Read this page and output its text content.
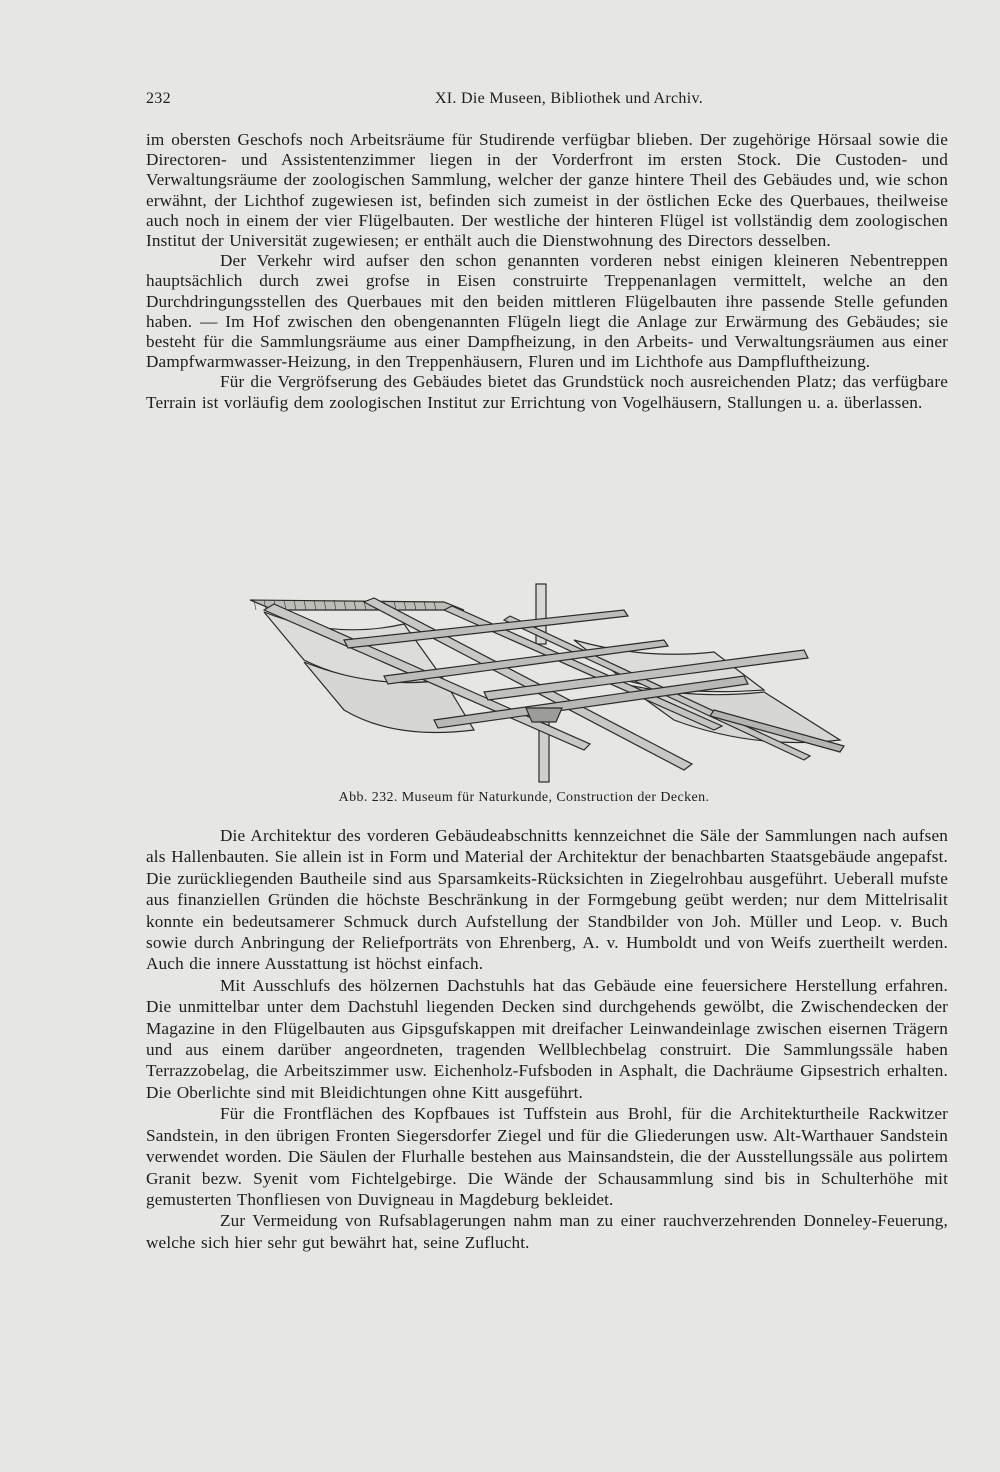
232	XI. Die Museen, Bibliothek und Archiv.

im obersten Geschofs noch Arbeitsräume für Studirende verfügbar blieben. Der zugehörige Hörsaal sowie die Directoren- und Assistentenzimmer liegen in der Vorderfront im ersten Stock. Die Custoden- und Verwaltungsräume der zoologischen Sammlung, welcher der ganze hintere Theil des Gebäudes und, wie schon erwähnt, der Lichthof zugewiesen ist, befinden sich zumeist in der östlichen Ecke des Querbaues, theilweise auch noch in einem der vier Flügelbauten. Der westliche der hinteren Flügel ist vollständig dem zoologischen Institut der Universität zugewiesen; er enthält auch die Dienstwohnung des Directors desselben.

Der Verkehr wird aufser den schon genannten vorderen nebst einigen kleineren Nebentreppen hauptsächlich durch zwei grofse in Eisen construirte Treppenanlagen vermittelt, welche an den Durchdringungsstellen des Querbaues mit den beiden mittleren Flügelbauten ihre passende Stelle gefunden haben. — Im Hof zwischen den obengenannten Flügeln liegt die Anlage zur Erwärmung des Gebäudes; sie besteht für die Sammlungsräume aus einer Dampfheizung, in den Arbeits- und Verwaltungsräumen aus einer Dampfwarmwasser-Heizung, in den Treppenhäusern, Fluren und im Lichthofe aus Dampfluftheizung.

Für die Vergröfserung des Gebäudes bietet das Grundstück noch ausreichenden Platz; das verfügbare Terrain ist vorläufig dem zoologischen Institut zur Errichtung von Vogelhäusern, Stallungen u. a. überlassen.

Abb. 232. Museum für Naturkunde, Construction der Decken.

Die Architektur des vorderen Gebäudeabschnitts kennzeichnet die Säle der Sammlungen nach aufsen als Hallenbauten. Sie allein ist in Form und Material der Architektur der benachbarten Staatsgebäude angepafst. Die zurückliegenden Bautheile sind aus Sparsamkeits-Rücksichten in Ziegelrohbau ausgeführt. Ueberall mufste aus finanziellen Gründen die höchste Beschränkung in der Formgebung geübt werden; nur dem Mittelrisalit konnte ein bedeutsamerer Schmuck durch Aufstellung der Standbilder von Joh. Müller und Leop. v. Buch sowie durch Anbringung der Reliefporträts von Ehrenberg, A. v. Humboldt und von Weifs zuertheilt werden. Auch die innere Ausstattung ist höchst einfach.

Mit Ausschlufs des hölzernen Dachstuhls hat das Gebäude eine feuersichere Herstellung erfahren. Die unmittelbar unter dem Dachstuhl liegenden Decken sind durchgehends gewölbt, die Zwischendecken der Magazine in den Flügelbauten aus Gipsgufskappen mit dreifacher Leinwandeinlage zwischen eisernen Trägern und aus einem darüber angeordneten, tragenden Wellblechbelag construirt. Die Sammlungssäle haben Terrazzobelag, die Arbeitszimmer usw. Eichenholz-Fufsboden in Asphalt, die Dachräume Gipsestrich erhalten. Die Oberlichte sind mit Bleidichtungen ohne Kitt ausgeführt.

Für die Frontflächen des Kopfbaues ist Tuffstein aus Brohl, für die Architekturtheile Rackwitzer Sandstein, in den übrigen Fronten Siegersdorfer Ziegel und für die Gliederungen usw. Alt-Warthauer Sandstein verwendet worden. Die Säulen der Flurhalle bestehen aus Mainsandstein, die der Ausstellungssäle aus polirtem Granit bezw. Syenit vom Fichtelgebirge. Die Wände der Schausammlung sind bis in Schulterhöhe mit gemusterten Thonfliesen von Duvigneau in Magdeburg bekleidet.

Zur Vermeidung von Rufsablagerungen nahm man zu einer rauchverzehrenden Donneley-Feuerung, welche sich hier sehr gut bewährt hat, seine Zuflucht.
